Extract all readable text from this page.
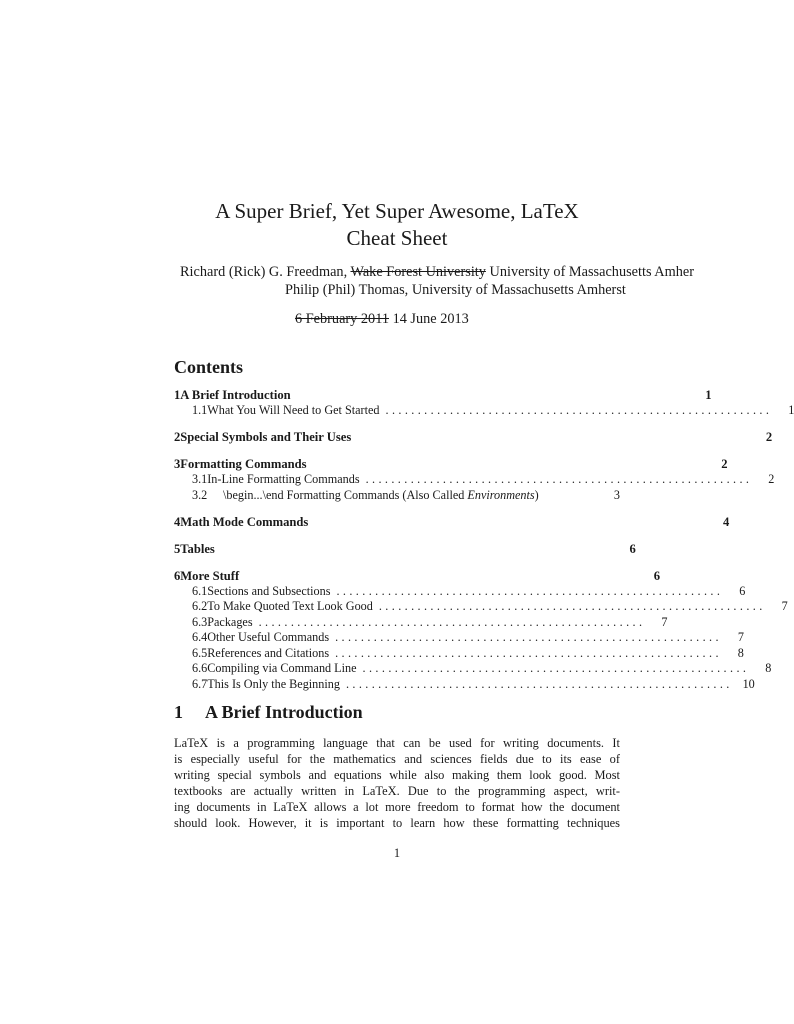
A Super Brief, Yet Super Awesome, LaTeX
Cheat Sheet
Richard (Rick) G. Freedman, Wake Forest University University of Massachusetts Amher
Philip (Phil) Thomas, University of Massachusetts Amherst
6 February 2011 14 June 2013
Contents
1 A Brief Introduction	1
1.1 What You Will Need to Get Started ............................................................	1
2 Special Symbols and Their Uses	2
3 Formatting Commands	2
3.1 In-Line Formatting Commands ............................................................	2
3.2	\begin...\end Formatting Commands (Also Called Environments)	3
4 Math Mode Commands	4
5 Tables	6
6 More Stuff	6
6.1 Sections and Subsections ............................................................	6
6.2 To Make Quoted Text Look Good ............................................................	7
6.3 Packages ............................................................	7
6.4 Other Useful Commands ............................................................	7
6.5 References and Citations ............................................................	8
6.6 Compiling via Command Line ............................................................	8
6.7 This Is Only the Beginning ............................................................ 10
1 A Brief Introduction
LaTeX is a programming language that can be used for writing documents. It
is especially useful for the mathematics and sciences fields due to its ease of
writing special symbols and equations while also making them look good. Most
textbooks are actually written in LaTeX. Due to the programming aspect, writ-
ing documents in LaTeX allows a lot more freedom to format how the document
should look. However, it is important to learn how these formatting techniques
1
